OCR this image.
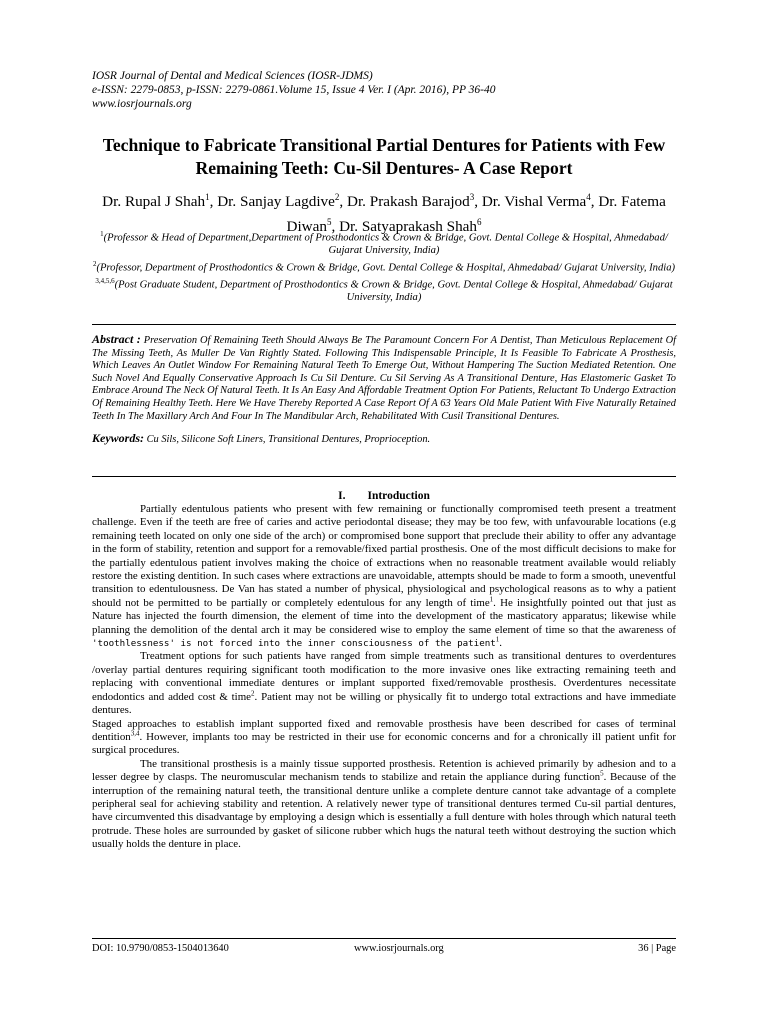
IOSR Journal of Dental and Medical Sciences (IOSR-JDMS)
e-ISSN: 2279-0853, p-ISSN: 2279-0861.Volume 15, Issue 4 Ver. I (Apr. 2016), PP 36-40
www.iosrjournals.org
Technique to Fabricate Transitional Partial Dentures for Patients with Few Remaining Teeth: Cu-Sil Dentures- A Case Report
Dr. Rupal J Shah$^1$, Dr. Sanjay Lagdive$^2$, Dr. Prakash Barajod$^3$, Dr. Vishal Verma$^4$, Dr. Fatema Diwan$^5$, Dr. Satyaprakash Shah$^6$
$^1$(Professor & Head of Department,Department of Prosthodontics & Crown & Bridge, Govt. Dental College & Hospital, Ahmedabad/ Gujarat University, India)
$^2$(Professor, Department of Prosthodontics & Crown & Bridge, Govt. Dental College & Hospital, Ahmedabad/ Gujarat University, India)
$^{3,4,5,6}$(Post Graduate Student, Department of Prosthodontics & Crown & Bridge, Govt. Dental College & Hospital, Ahmedabad/ Gujarat University, India)
Abstract : Preservation Of Remaining Teeth Should Always Be The Paramount Concern For A Dentist, Than Meticulous Replacement Of The Missing Teeth, As Muller De Van Rightly Stated. Following This Indispensable Principle, It Is Feasible To Fabricate A Prosthesis, Which Leaves An Outlet Window For Remaining Natural Teeth To Emerge Out, Without Hampering The Suction Mediated Retention. One Such Novel And Equally Conservative Approach Is Cu Sil Denture. Cu Sil Serving As A Transitional Denture, Has Elastomeric Gasket To Embrace Around The Neck Of Natural Teeth. It Is An Easy And Affordable Treatment Option For Patients, Reluctant To Undergo Extraction Of Remaining Healthy Teeth. Here We Have Thereby Reported A Case Report Of A 63 Years Old Male Patient With Five Naturally Retained Teeth In The Maxillary Arch And Four In The Mandibular Arch, Rehabilitated With Cusil Transitional Dentures.
Keywords: Cu Sils, Silicone Soft Liners, Transitional Dentures, Proprioception.
I. Introduction

Partially edentulous patients who present with few remaining or functionally compromised teeth present a treatment challenge. Even if the teeth are free of caries and active periodontal disease; they may be too few, with unfavourable locations (e.g remaining teeth located on only one side of the arch) or compromised bone support that preclude their ability to offer any advantage in the form of stability, retention and support for a removable/fixed partial prosthesis. One of the most difficult decisions to make for the partially edentulous patient involves making the choice of extractions when no reasonable treatment available would reliably restore the existing dentition. In such cases where extractions are unavoidable, attempts should be made to form a smooth, uneventful transition to edentulousness. De Van has stated a number of physical, physiological and psychological reasons as to why a patient should not be permitted to be partially or completely edentulous for any length of time$^1$. He insightfully pointed out that just as Nature has injected the fourth dimension, the element of time into the development of the masticatory apparatus; likewise while planning the demolition of the dental arch it may be considered wise to employ the same element of time so that the awareness of 'toothlessness' is not forced into the inner consciousness of the patient$^1$.

Treatment options for such patients have ranged from simple treatments such as transitional dentures to overdentures /overlay partial dentures requiring significant tooth modification to the more invasive ones like extracting remaining teeth and replacing with conventional immediate dentures or implant supported fixed/removable prosthesis. Overdentures necessitate endodontics and added cost & time$^2$. Patient may not be willing or physically fit to undergo total extractions and have immediate dentures.

Staged approaches to establish implant supported fixed and removable prosthesis have been described for cases of terminal dentition$^{3,4}$. However, implants too may be restricted in their use for economic concerns and for a chronically ill patient unfit for surgical procedures.

The transitional prosthesis is a mainly tissue supported prosthesis. Retention is achieved primarily by adhesion and to a lesser degree by clasps. The neuromuscular mechanism tends to stabilize and retain the appliance during function$^5$. Because of the interruption of the remaining natural teeth, the transitional denture unlike a complete denture cannot take advantage of a complete peripheral seal for achieving stability and retention. A relatively newer type of transitional dentures termed Cu-sil partial dentures, have circumvented this disadvantage by employing a design which is essentially a full denture with holes through which natural teeth protrude. These holes are surrounded by gasket of silicone rubber which hugs the natural teeth without destroying the suction which usually holds the denture in place.

DOI: 10.9790/0853-1504013640	www.iosrjournals.org	36 | Page
